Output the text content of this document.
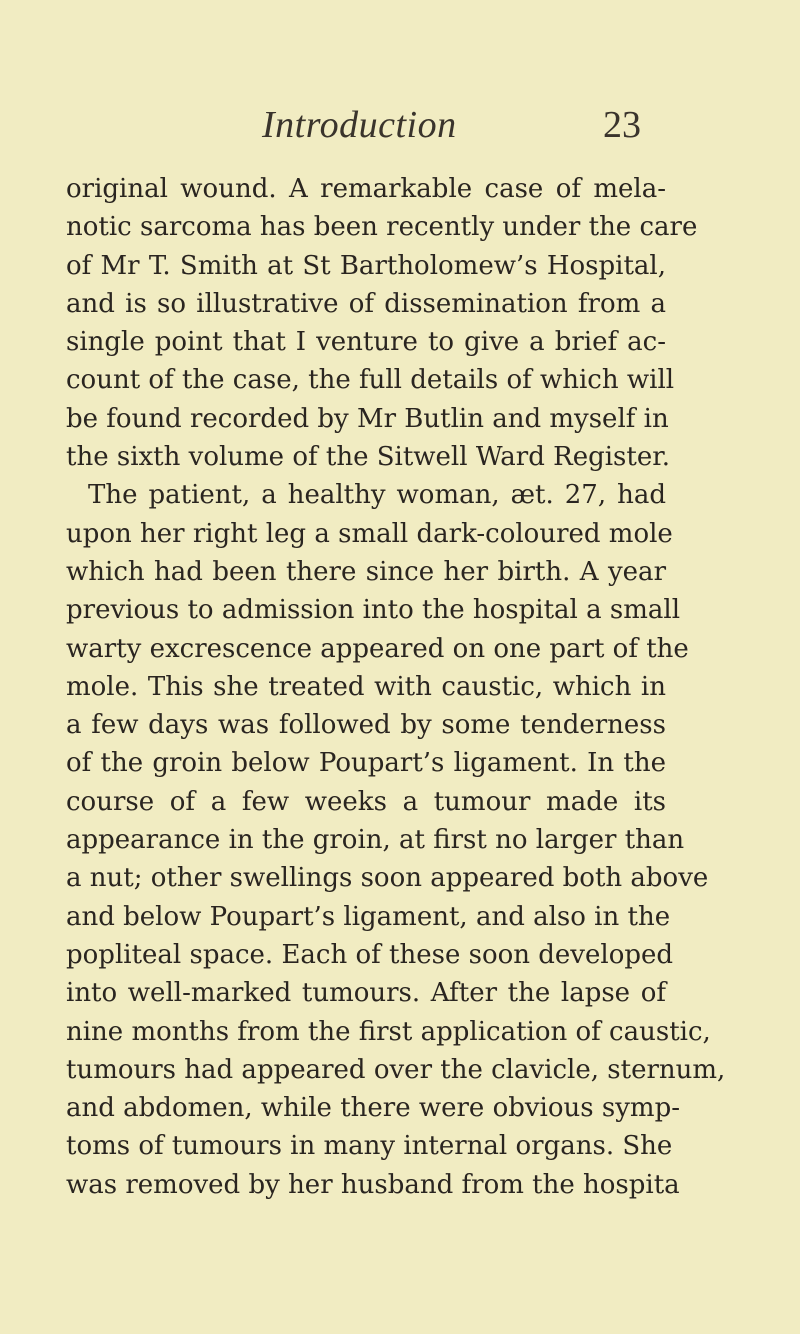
Introduction	23
original wound. A remarkable case of mela-
notic sarcoma has been recently under the care
of Mr T. Smith at St Bartholomew’s Hospital,
and is so illustrative of dissemination from a
single point that I venture to give a brief ac-
count of the case, the full details of which will
be found recorded by Mr Butlin and myself in
the sixth volume of the Sitwell Ward Register.
The patient, a healthy woman, æt. 27, had
upon her right leg a small dark-coloured mole
which had been there since her birth. A year
previous to admission into the hospital a small
warty excrescence appeared on one part of the
mole. This she treated with caustic, which in
a few days was followed by some tenderness
of the groin below Poupart’s ligament. In the
course of a few weeks a tumour made its
appearance in the groin, at first no larger than
a nut; other swellings soon appeared both above
and below Poupart’s ligament, and also in the
popliteal space. Each of these soon developed
into well-marked tumours. After the lapse of
nine months from the first application of caustic,
tumours had appeared over the clavicle, sternum,
and abdomen, while there were obvious symp-
toms of tumours in many internal organs. She
was removed by her husband from the hospita
